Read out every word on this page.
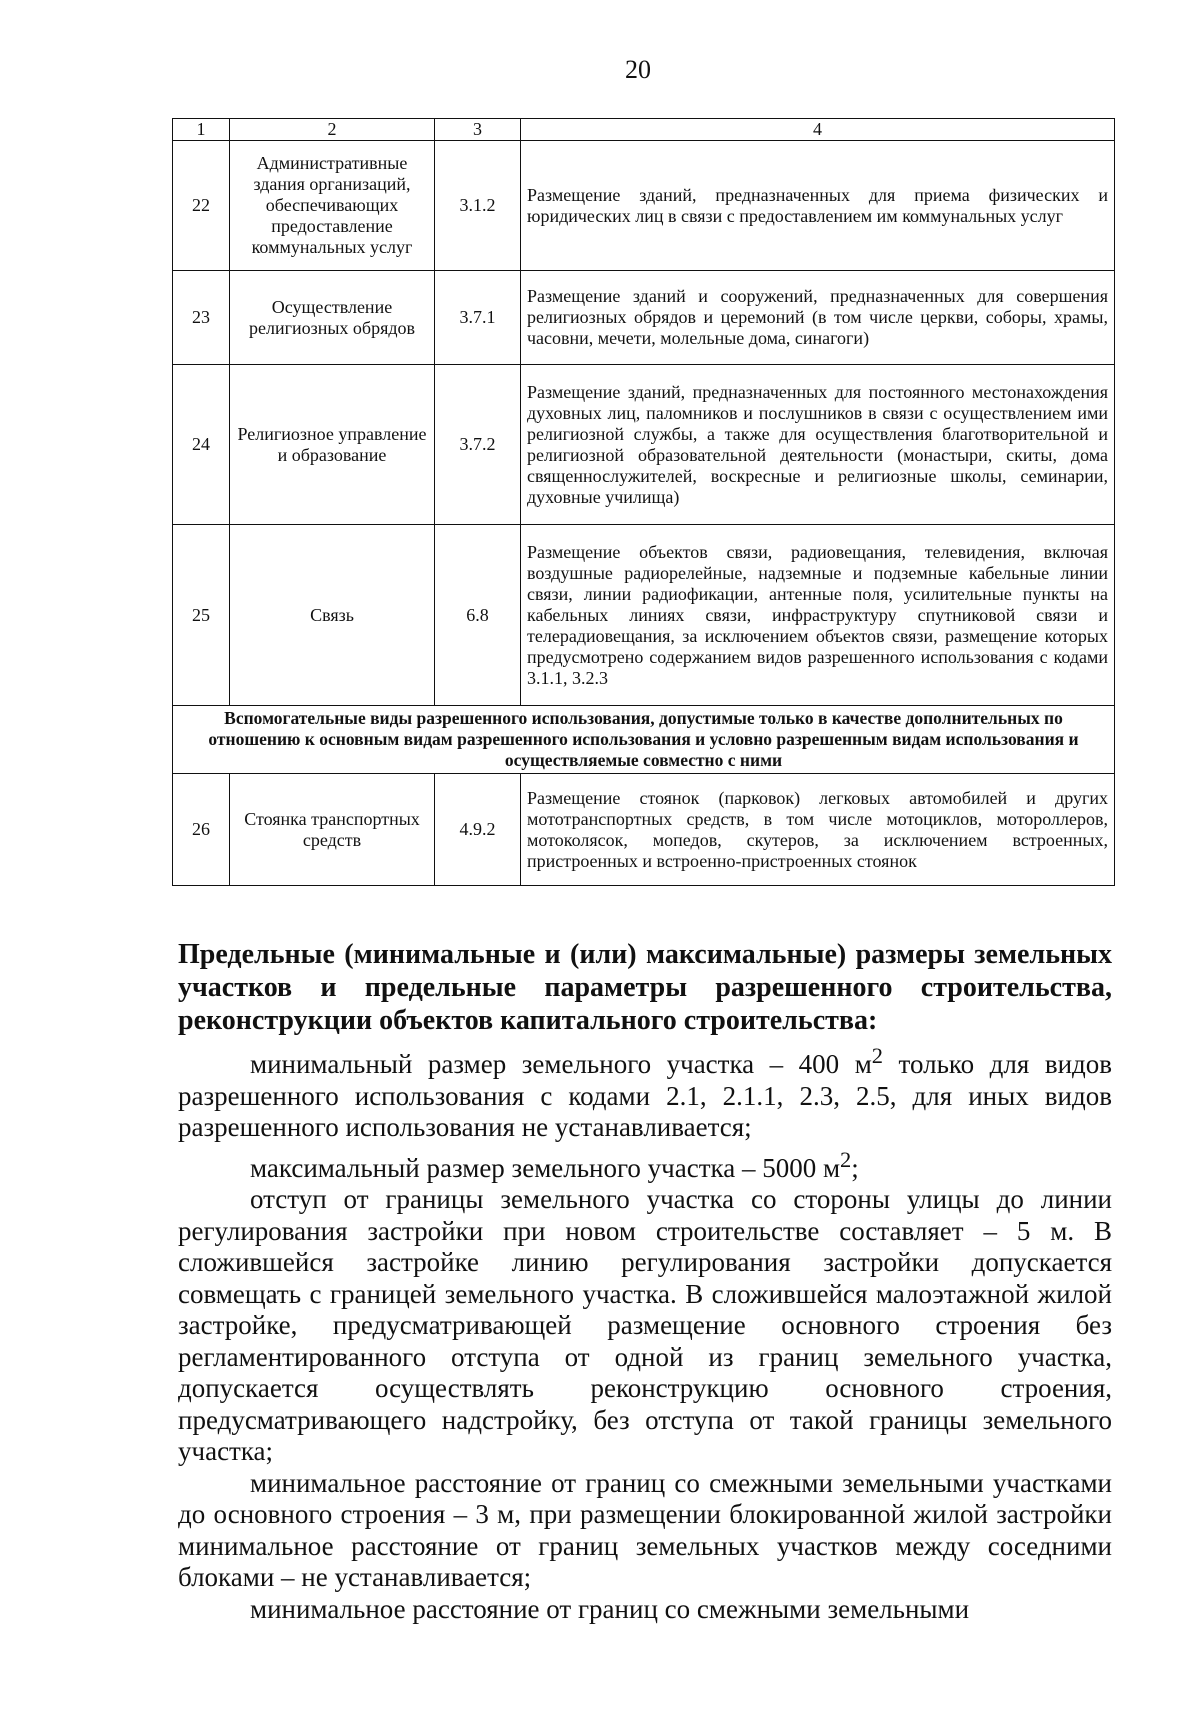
20
1	2	3	4
22	Административные здания организаций, обеспечивающих предоставление коммунальных услуг	3.1.2	Размещение зданий, предназначенных для приема физических и юридических лиц в связи с предоставлением им коммунальных услуг
23	Осуществление религиозных обрядов	3.7.1	Размещение зданий и сооружений, предназначенных для совершения религиозных обрядов и церемоний (в том числе церкви, соборы, храмы, часовни, мечети, молельные дома, синагоги)
24	Религиозное управление и образование	3.7.2	Размещение зданий, предназначенных для постоянного местонахождения духовных лиц, паломников и послушников в связи с осуществлением ими религиозной службы, а также для осуществления благотворительной и религиозной образовательной деятельности (монастыри, скиты, дома священнослужителей, воскресные и религиозные школы, семинарии, духовные училища)
25	Связь	6.8	Размещение объектов связи, радиовещания, телевидения, включая воздушные радиорелейные, надземные и подземные кабельные линии связи, линии радиофикации, антенные поля, усилительные пункты на кабельных линиях связи, инфраструктуру спутниковой связи и телерадиовещания, за исключением объектов связи, размещение которых предусмотрено содержанием видов разрешенного использования с кодами 3.1.1, 3.2.3
Вспомогательные виды разрешенного использования, допустимые только в качестве дополнительных по отношению к основным видам разрешенного использования и условно разрешенным видам использования и осуществляемые совместно с ними			
26	Стоянка транспортных средств	4.9.2	Размещение стоянок (парковок) легковых автомобилей и других мототранспортных средств, в том числе мотоциклов, мотороллеров, мотоколясок, мопедов, скутеров, за исключением встроенных, пристроенных и встроенно-пристроенных стоянок
Предельные (минимальные и (или) максимальные) размеры земельных участков и предельные параметры разрешенного строительства, реконструкции объектов капитального строительства:

минимальный размер земельного участка – 400 $м^2$ только для видов разрешенного использования с кодами 2.1, 2.1.1, 2.3, 2.5, для иных видов разрешенного использования не устанавливается;

максимальный размер земельного участка – 5000 $м^2$;

отступ от границы земельного участка со стороны улицы до линии регулирования застройки при новом строительстве составляет – 5 м. В сложившейся застройке линию регулирования застройки допускается совмещать с границей земельного участка. В сложившейся малоэтажной жилой застройке, предусматривающей размещение основного строения без регламентированного отступа от одной из границ земельного участка, допускается осуществлять реконструкцию основного строения, предусматривающего надстройку, без отступа от такой границы земельного участка;

минимальное расстояние от границ со смежными земельными участками до основного строения – 3 м, при размещении блокированной жилой застройки минимальное расстояние от границ земельных участков между соседними блоками – не устанавливается;

минимальное расстояние от границ со смежными земельными
